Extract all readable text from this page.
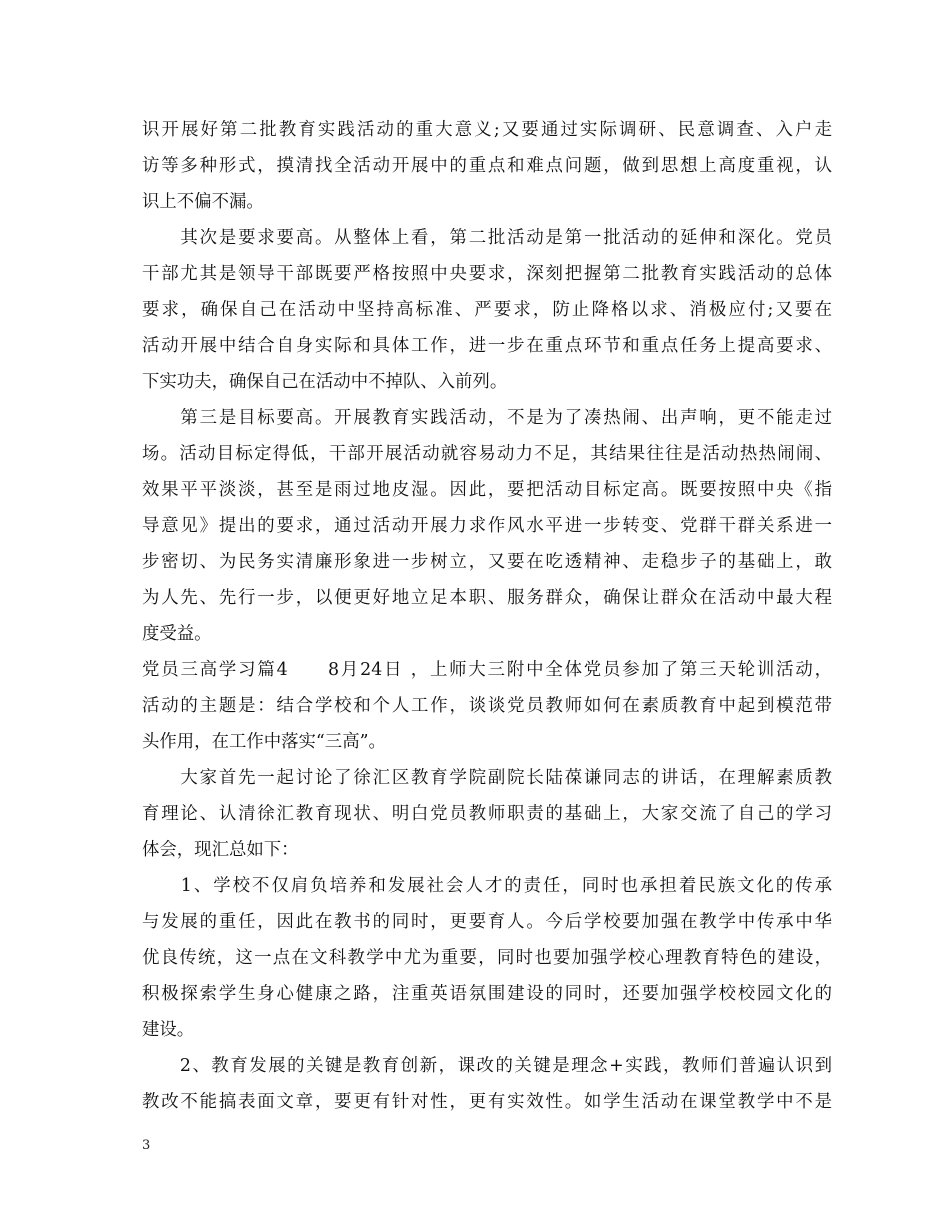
识开展好第二批教育实践活动的重大意义;又要通过实际调研、民意调查、入户走
访等多种形式，摸清找全活动开展中的重点和难点问题，做到思想上高度重视，认
识上不偏不漏。
　　其次是要求要高。从整体上看，第二批活动是第一批活动的延伸和深化。党员
干部尤其是领导干部既要严格按照中央要求，深刻把握第二批教育实践活动的总体
要求，确保自己在活动中坚持高标准、严要求，防止降格以求、消极应付;又要在
活动开展中结合自身实际和具体工作，进一步在重点环节和重点任务上提高要求、
下实功夫，确保自己在活动中不掉队、入前列。
　　第三是目标要高。开展教育实践活动，不是为了凑热闹、出声响，更不能走过
场。活动目标定得低，干部开展活动就容易动力不足，其结果往往是活动热热闹闹、
效果平平淡淡，甚至是雨过地皮湿。因此，要把活动目标定高。既要按照中央《指
导意见》提出的要求，通过活动开展力求作风水平进一步转变、党群干群关系进一
步密切、为民务实清廉形象进一步树立，又要在吃透精神、走稳步子的基础上，敢
为人先、先行一步，以便更好地立足本职、服务群众，确保让群众在活动中最大程
度受益。
党员三高学习篇4　　8月24日 ，上师大三附中全体党员参加了第三天轮训活动，
活动的主题是：结合学校和个人工作，谈谈党员教师如何在素质教育中起到模范带
头作用，在工作中落实“三高”。
　　大家首先一起讨论了徐汇区教育学院副院长陆葆谦同志的讲话，在理解素质教
育理论、认清徐汇教育现状、明白党员教师职责的基础上，大家交流了自己的学习
体会，现汇总如下：
　　1、学校不仅肩负培养和发展社会人才的责任，同时也承担着民族文化的传承
与发展的重任，因此在教书的同时，更要育人。今后学校要加强在教学中传承中华
优良传统，这一点在文科教学中尤为重要，同时也要加强学校心理教育特色的建设，
积极探索学生身心健康之路，注重英语氛围建设的同时，还要加强学校校园文化的
建设。
　　2、教育发展的关键是教育创新，课改的关键是理念+实践，教师们普遍认识到
教改不能搞表面文章，要更有针对性，更有实效性。如学生活动在课堂教学中不是
3
